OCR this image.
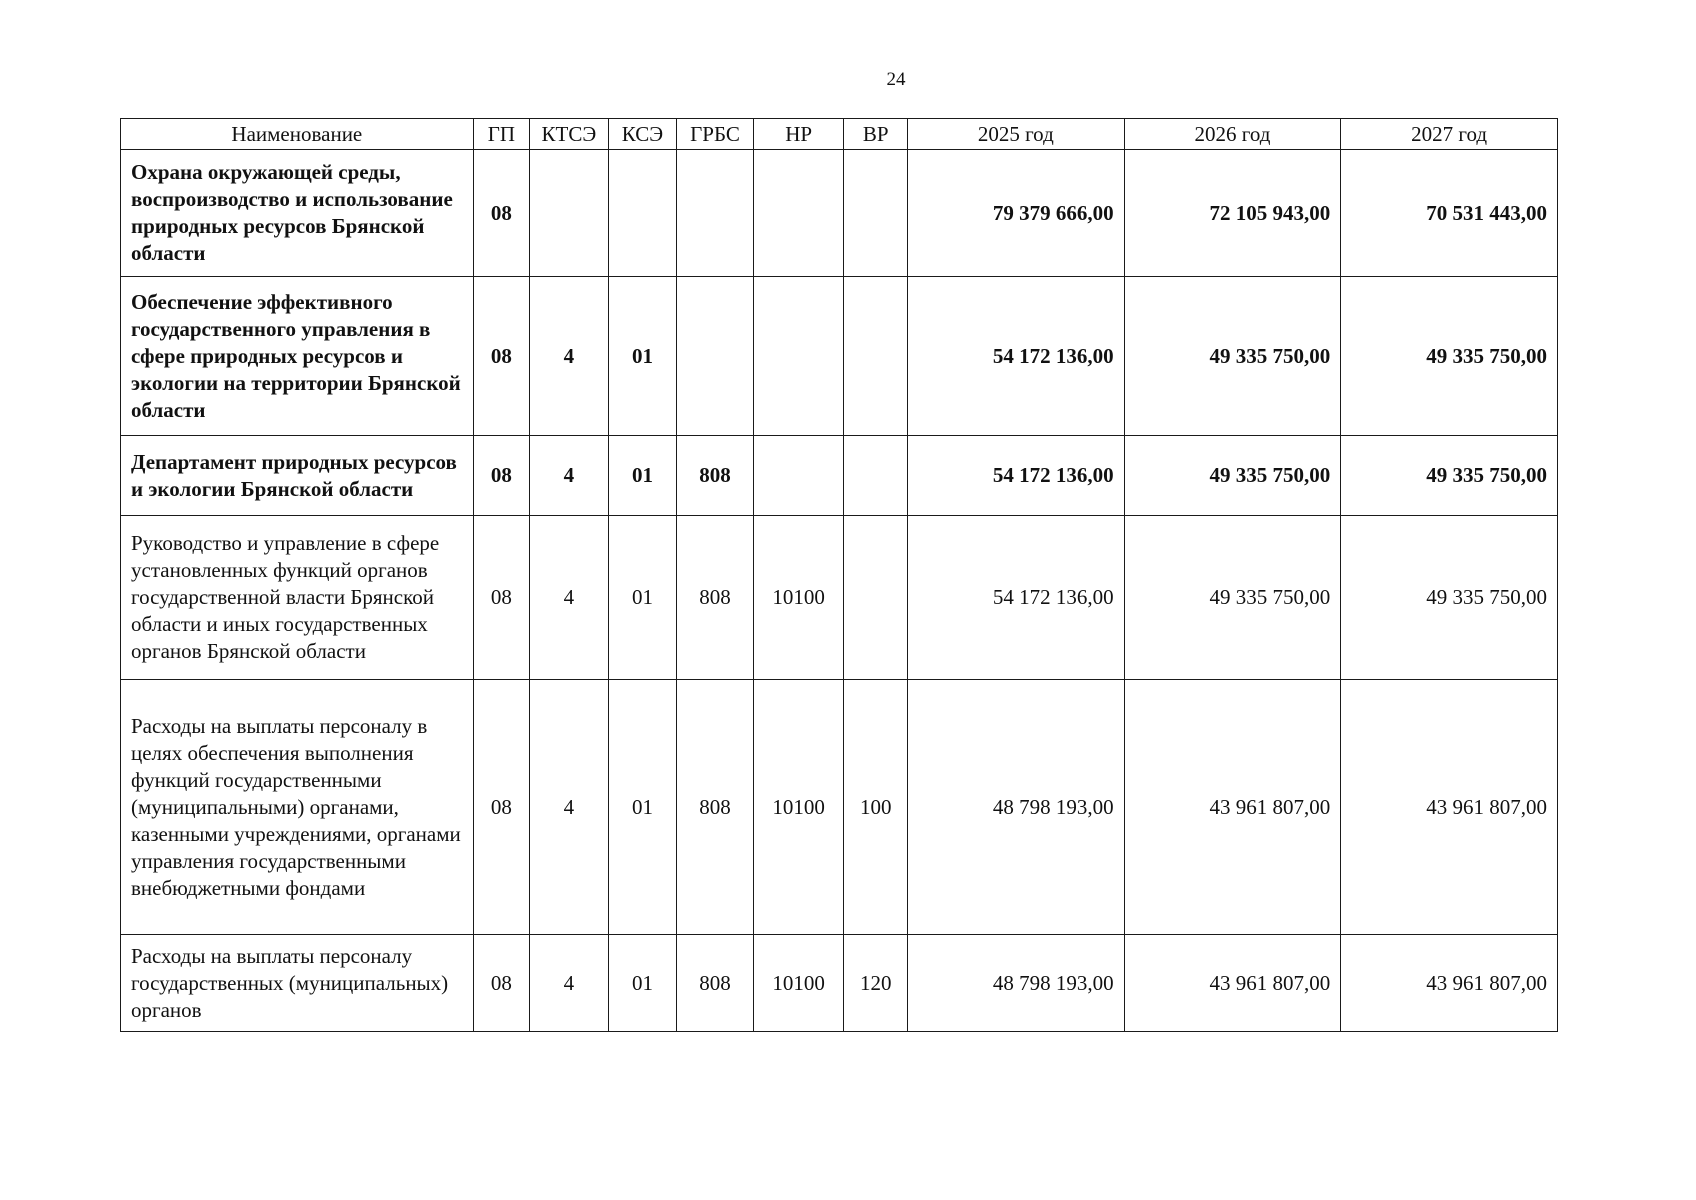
24
Наименование	ГП	КТСЭ	КСЭ	ГРБС	НР	ВР	2025 год	2026 год	2027 год
Охрана окружающей среды, воспроизводство и использование природных ресурсов Брянской области	08						79 379 666,00	72 105 943,00	70 531 443,00
Обеспечение эффективного государственного управления в сфере природных ресурсов и экологии на территории Брянской области	08	4	01				54 172 136,00	49 335 750,00	49 335 750,00
Департамент природных ресурсов и экологии Брянской области	08	4	01	808			54 172 136,00	49 335 750,00	49 335 750,00
Руководство и управление в сфере установленных функций органов государственной власти Брянской области и иных государственных органов Брянской области	08	4	01	808	10100		54 172 136,00	49 335 750,00	49 335 750,00
Расходы на выплаты персоналу в целях обеспечения выполнения функций государственными (муниципальными) органами, казенными учреждениями, органами управления государственными внебюджетными фондами	08	4	01	808	10100	100	48 798 193,00	43 961 807,00	43 961 807,00
Расходы на выплаты персоналу государственных (муниципальных) органов	08	4	01	808	10100	120	48 798 193,00	43 961 807,00	43 961 807,00
